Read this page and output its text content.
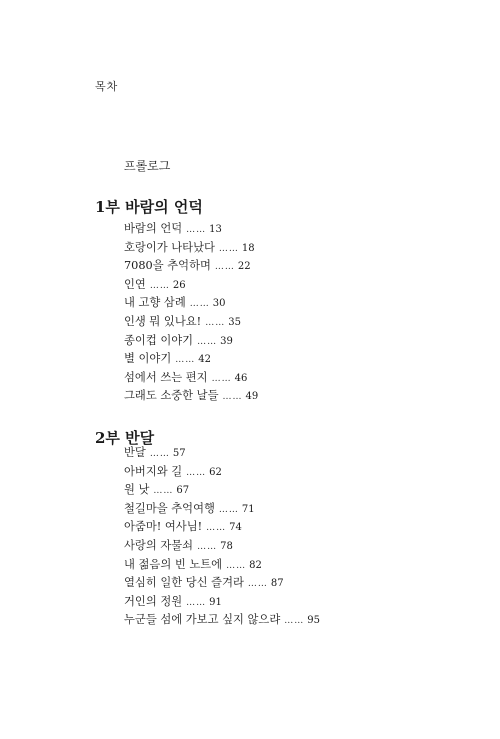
목차
프롤로그
1부 바람의 언덕
바람의 언덕 …… 13
호랑이가 나타났다 …… 18
7080을 추억하며 …… 22
인연 …… 26
내 고향 삼례 …… 30
인생 뭐 있나요! …… 35
종이컵 이야기 …… 39
별 이야기 …… 42
섬에서 쓰는 편지 …… 46
그래도 소중한 날들 …… 49
2부 반달
반달 …… 57
아버지와 길 …… 62
원 낫 …… 67
철길마을 추억여행 …… 71
아줌마! 여사님! …… 74
사랑의 자물쇠 …… 78
내 젊음의 빈 노트에 …… 82
열심히 일한 당신 즐겨라 …… 87
거인의 정원 …… 91
누군들 섬에 가보고 싶지 않으랴 …… 95
